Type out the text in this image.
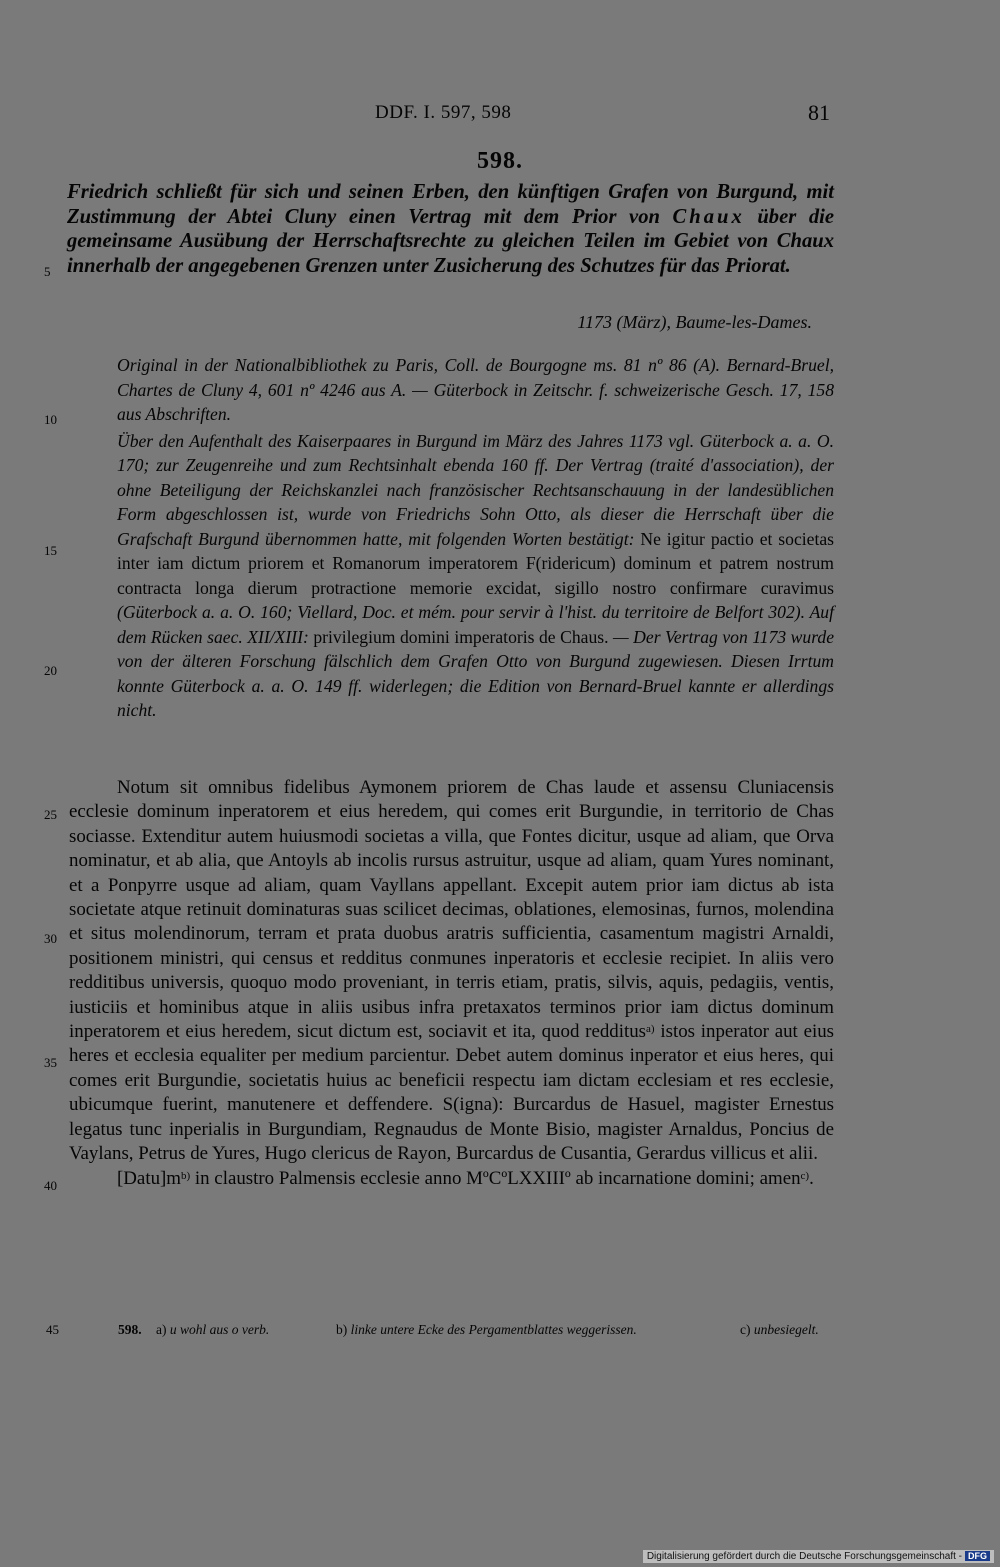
DDF. I. 597, 598	81
598.
Friedrich schließt für sich und seinen Erben, den künftigen Grafen von Burgund, mit Zustimmung der Abtei Cluny einen Vertrag mit dem Prior von Chaux über die gemeinsame Ausübung der Herrschaftsrechte zu gleichen Teilen im Gebiet von Chaux innerhalb der angegebenen Grenzen unter Zusicherung des Schutzes für das Priorat.
1173 (März), Baume-les-Dames.

Original in der Nationalbibliothek zu Paris, Coll. de Bourgogne ms. 81 nº 86 (A). Bernard-Bruel, Chartes de Cluny 4, 601 nº 4246 aus A. — Güterbock in Zeitschr. f. schweizerische Gesch. 17, 158 aus Abschriften.

Über den Aufenthalt des Kaiserpaares in Burgund im März des Jahres 1173 vgl. Güterbock a. a. O. 170; zur Zeugenreihe und zum Rechtsinhalt ebenda 160 ff. Der Vertrag (traité d'association), der ohne Beteiligung der Reichskanzlei nach französischer Rechtsanschauung in der landesüblichen Form abgeschlossen ist, wurde von Friedrichs Sohn Otto, als dieser die Herrschaft über die Grafschaft Burgund übernommen hatte, mit folgenden Worten bestätigt: Ne igitur pactio et societas inter iam dictum priorem et Romanorum imperatorem F(ridericum) dominum et patrem nostrum contracta longa dierum protractione memorie excidat, sigillo nostro confirmare curavimus (Güterbock a. a. O. 160; Viellard, Doc. et mém. pour servir à l'hist. du territoire de Belfort 302). Auf dem Rücken saec. XII/XIII: privilegium domini imperatoris de Chaus. — Der Vertrag von 1173 wurde von der älteren Forschung fälschlich dem Grafen Otto von Burgund zugewiesen. Diesen Irrtum konnte Güterbock a. a. O. 149 ff. widerlegen; die Edition von Bernard-Bruel kannte er allerdings nicht.

Notum sit omnibus fidelibus Aymonem priorem de Chas laude et assensu Cluniacensis ecclesie dominum inperatorem et eius heredem, qui comes erit Burgundie, in territorio de Chas sociasse. Extenditur autem huiusmodi societas a villa, que Fontes dicitur, usque ad aliam, que Orva nominatur, et ab alia, que Antoyls ab incolis rursus astruitur, usque ad aliam, quam Yures nominant, et a Ponpyrre usque ad aliam, quam Vayllans appellant. Excepit autem prior iam dictus ab ista societate atque retinuit dominaturas suas scilicet decimas, oblationes, elemosinas, furnos, molendina et situs molendinorum, terram et prata duobus aratris sufficientia, casamentum magistri Arnaldi, positionem ministri, qui census et redditus conmunes inperatoris et ecclesie recipiet. In aliis vero redditibus universis, quoquo modo proveniant, in terris etiam, pratis, silvis, aquis, pedagiis, ventis, iusticiis et hominibus atque in aliis usibus infra pretaxatos terminos prior iam dictus dominum inperatorem et eius heredem, sicut dictum est, sociavit et ita, quod redditus$^{a)}$ istos inperator aut eius heres et ecclesia equaliter per medium parcientur. Debet autem dominus inperator et eius heres, qui comes erit Burgundie, societatis huius ac beneficii respectu iam dictam ecclesiam et res ecclesie, ubicumque fuerint, manutenere et deffendere. S(igna): Burcardus de Hasuel, magister Ernestus legatus tunc inperialis in Burgundiam, Regnaudus de Monte Bisio, magister Arnaldus, Poncius de Vaylans, Petrus de Yures, Hugo clericus de Rayon, Burcardus de Cusantia, Gerardus villicus et alii.

$[Datu]m^{b)}$ in claustro Palmensis ecclesie anno MºCºLXXIIIº ab incarnatione domini; amen$^{c)}$.

5
10
15
20
25
30
35
40
45	598. a) u wohl aus o verb.	b) linke untere Ecke des Pergamentblattes weggerissen.	c) unbesiegelt.
Digitalisierung gefördert durch die Deutsche Forschungsgemeinschaft - DFG
